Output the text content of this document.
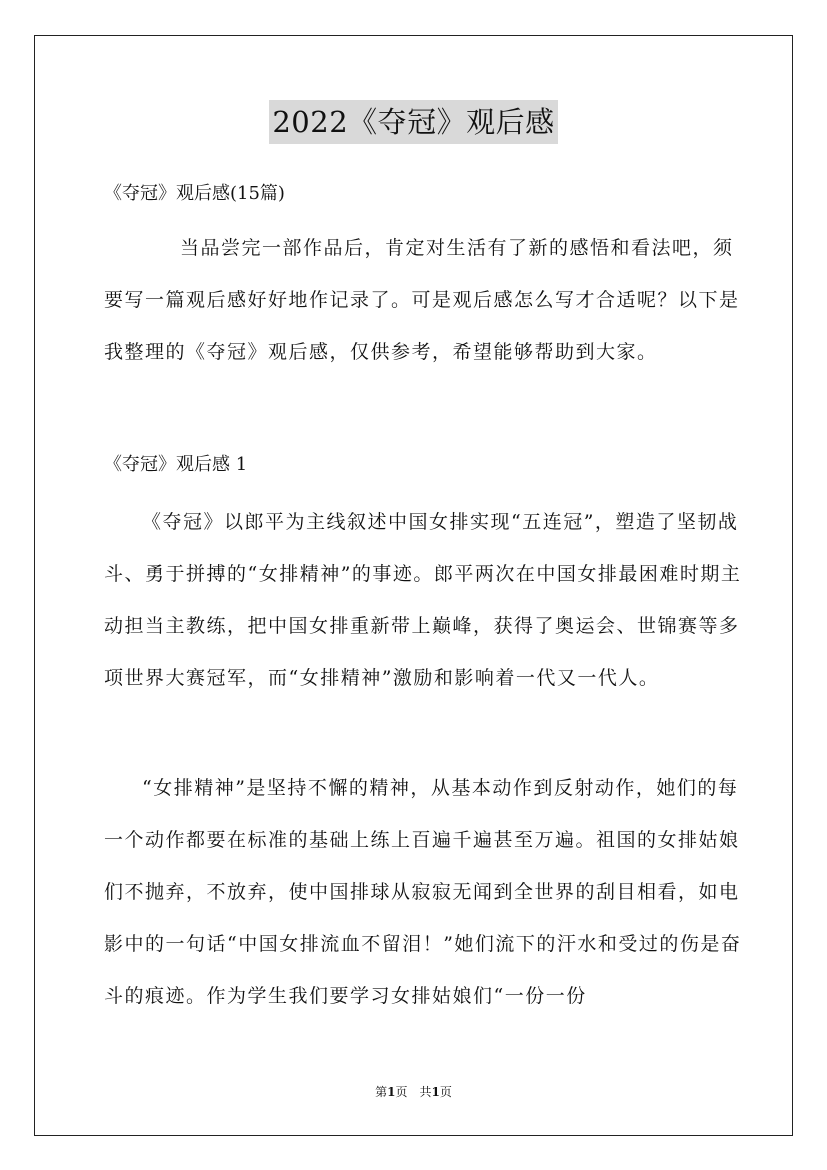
2022《夺冠》观后感
《夺冠》观后感(15篇)

当品尝完一部作品后，肯定对生活有了新的感悟和看法吧，须要写一篇观后感好好地作记录了。可是观后感怎么写才合适呢？以下是我整理的《夺冠》观后感，仅供参考，希望能够帮助到大家。

《夺冠》观后感 1

《夺冠》以郎平为主线叙述中国女排实现“五连冠”，塑造了坚韧战斗、勇于拼搏的“女排精神”的事迹。郎平两次在中国女排最困难时期主动担当主教练，把中国女排重新带上巅峰，获得了奥运会、世锦赛等多项世界大赛冠军，而“女排精神”激励和影响着一代又一代人。

“女排精神”是坚持不懈的精神，从基本动作到反射动作，她们的每一个动作都要在标准的基础上练上百遍千遍甚至万遍。祖国的女排姑娘们不抛弃，不放弃，使中国排球从寂寂无闻到全世界的刮目相看，如电影中的一句话“中国女排流血不留泪！”她们流下的汗水和受过的伤是奋斗的痕迹。作为学生我们要学习女排姑娘们“一份一份

第1页　共1页
